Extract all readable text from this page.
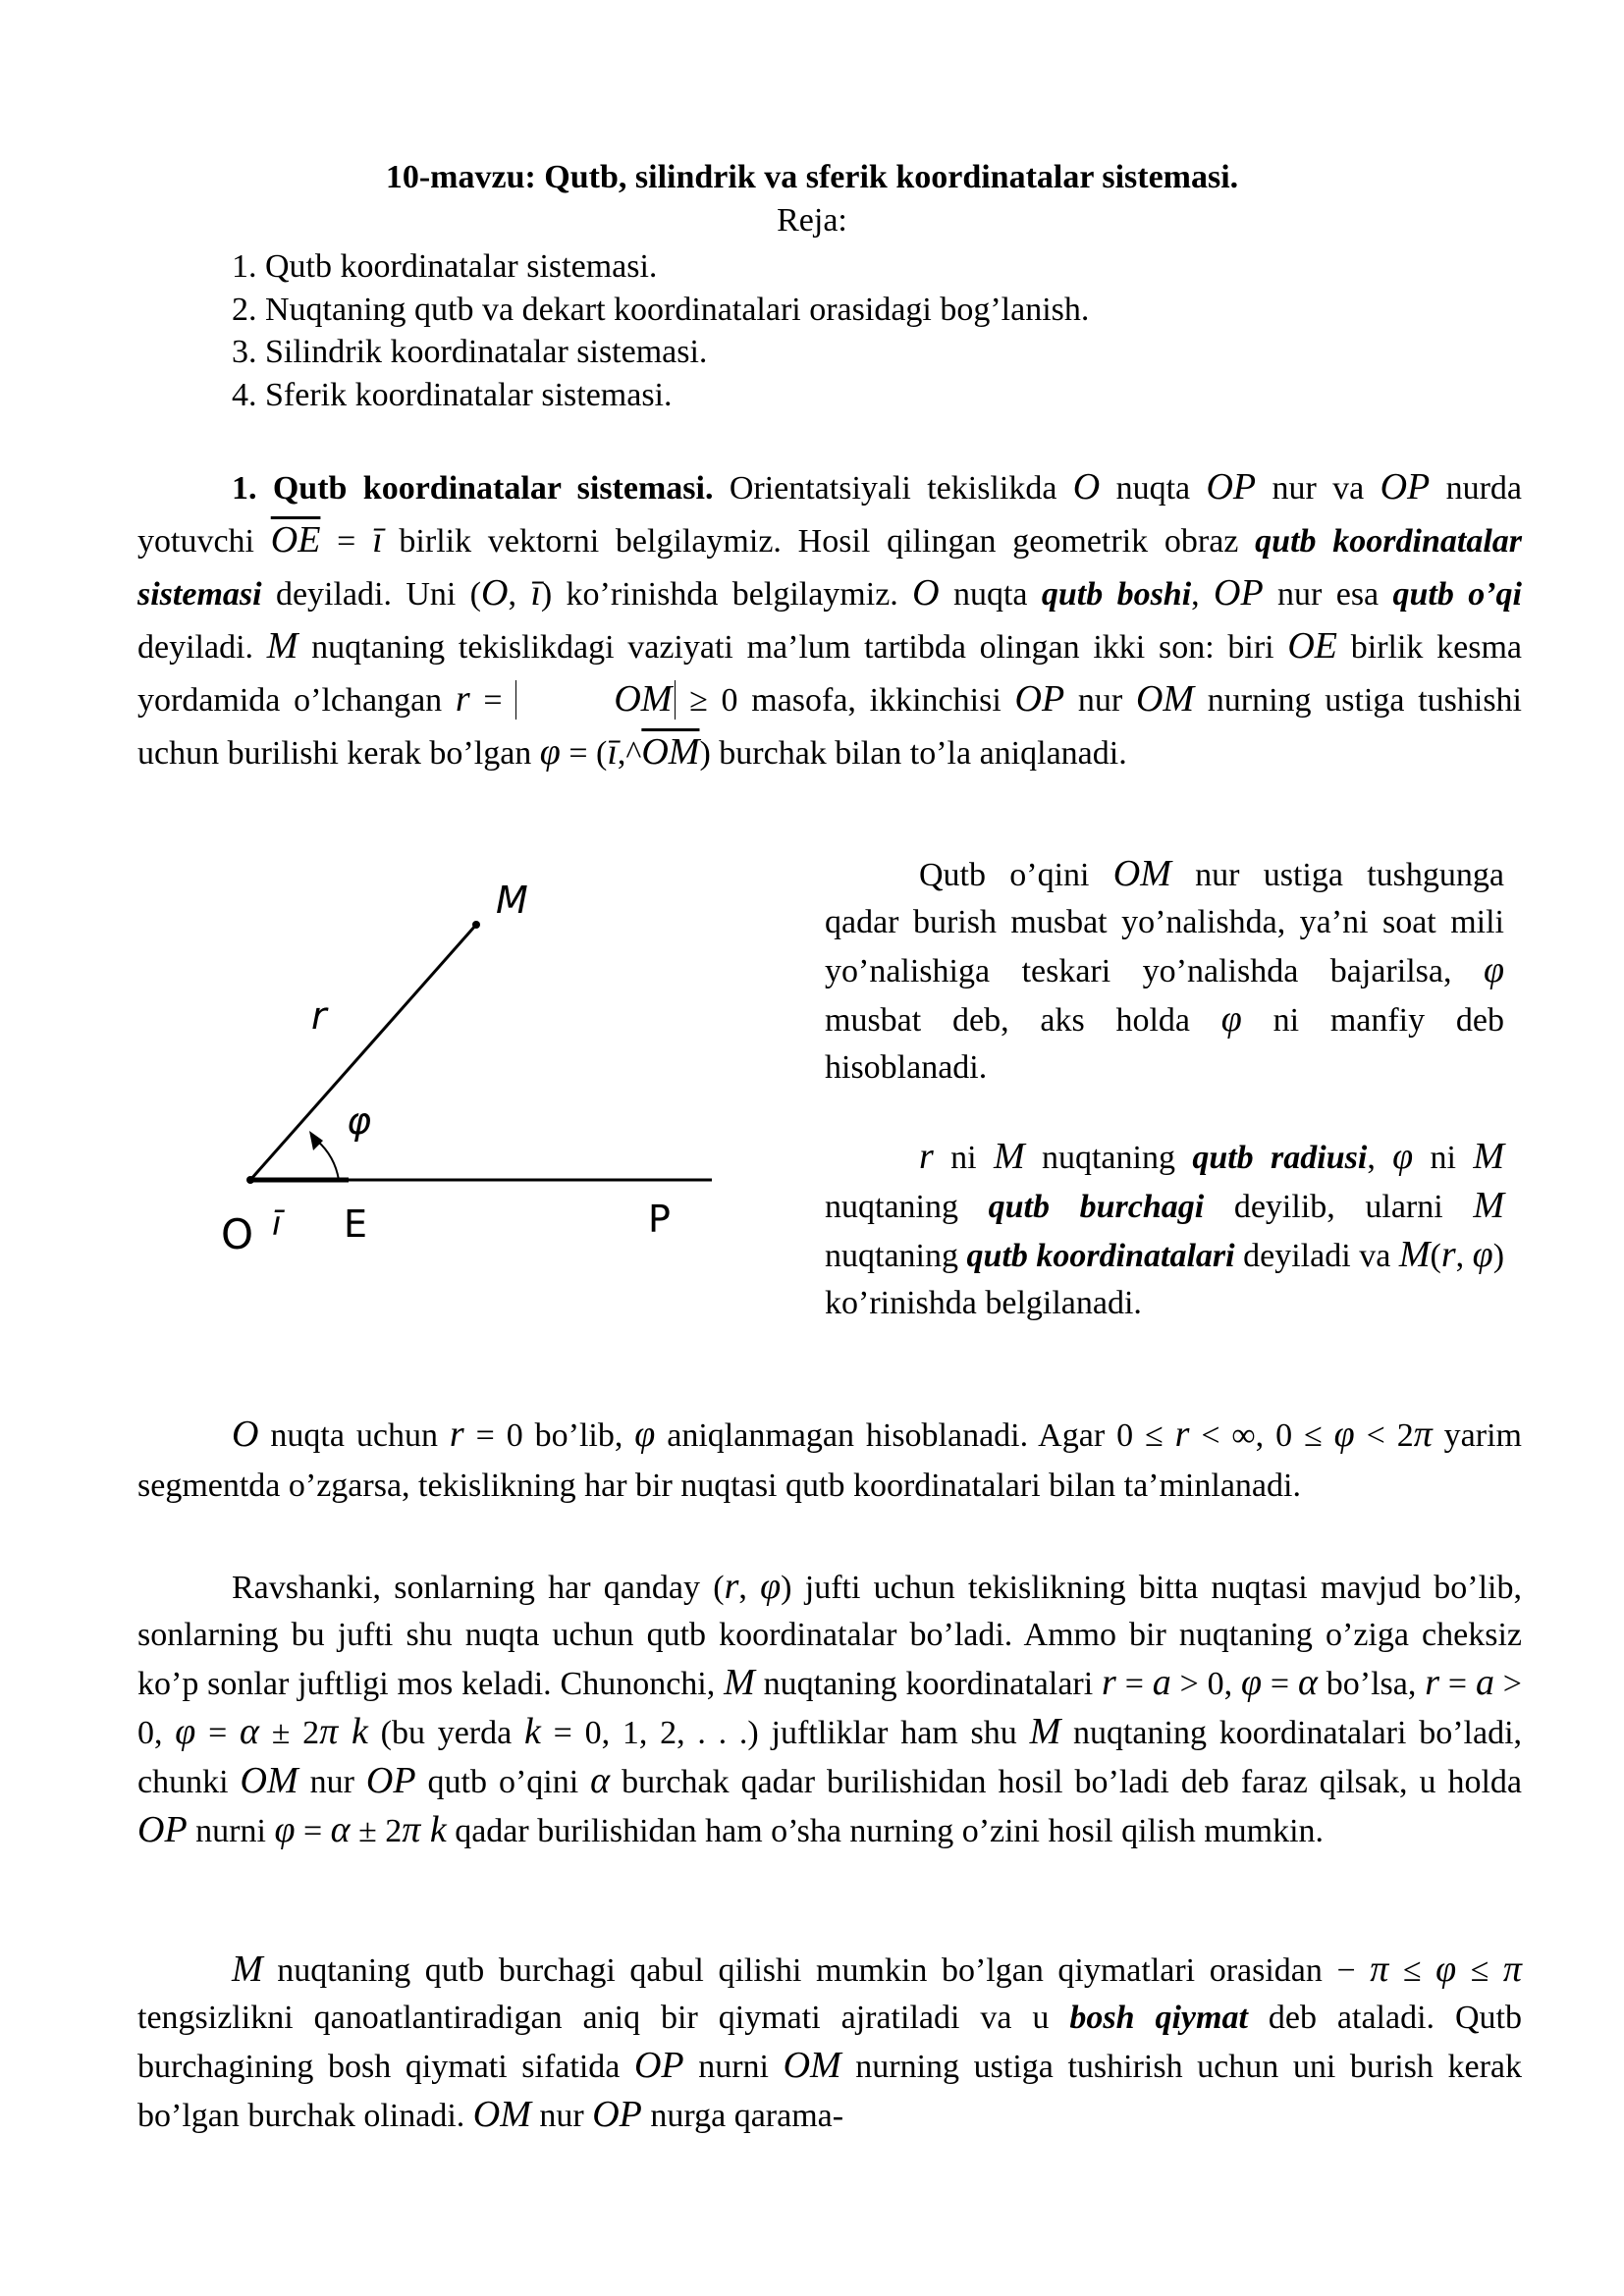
10-mavzu: Qutb, silindrik va sferik koordinatalar sistemasi.
Reja:
1. Qutb koordinatalar sistemasi.
2. Nuqtaning qutb va dekart koordinatalari orasidagi bog’lanish.
3. Silindrik koordinatalar sistemasi.
4. Sferik koordinatalar sistemasi.

1. Qutb koordinatalar sistemasi. Orientatsiyali tekislikda O nuqta OP nur va OP nurda yotuvchi $\overline{OE}$ = ī birlik vektorni belgilaymiz. Hosil qilingan geometrik obraz qutb koordinatalar sistemasi deyiladi. Uni (O, ī) ko’rinishda belgilaymiz. O nuqta qutb boshi, OP nur esa qutb o’qi deyiladi. M nuqtaning tekislikdagi vaziyati ma’lum tartibda olingan ikki son: biri OE birlik kesma yordamida o’lchangan r =	OM ≥ 0 masofa, ikkinchisi OP nur OM nurning ustiga tushishi uchun burilishi kerak bo’lgan $\varphi = (ī,\^{}\overline{OM})$ burchak bilan to’la aniqlanadi.

M
r
φ
O ī E	P

Qutb o’qini OM nur ustiga tushgunga qadar burish musbat yo’nalishda, ya’ni soat mili yo’nalishiga teskari yo’nalishda bajarilsa, φ musbat deb, aks holda φ ni manfiy deb hisoblanadi.

r ni M nuqtaning qutb radiusi, φ ni M nuqtaning qutb burchagi deyilib, ularni M nuqtaning qutb koordinatalari deyiladi va M(r, φ) ko’rinishda belgilanadi.

O nuqta uchun r = 0 bo’lib, φ aniqlanmagan hisoblanadi. Agar 0 ≤ r < ∞, 0 ≤ φ < 2π yarim segmentda o’zgarsa, tekislikning har bir nuqtasi qutb koordinatalari bilan ta’minlanadi.

Ravshanki, sonlarning har qanday (r, φ) jufti uchun tekislikning bitta nuqtasi mavjud bo’lib, sonlarning bu jufti shu nuqta uchun qutb koordinatalar bo’ladi. Ammo bir nuqtaning o’ziga cheksiz ko’p sonlar juftligi mos keladi. Chunonchi, M nuqtaning koordinatalari r = a > 0, φ = α bo’lsa, r = a > 0, φ = α ± 2π k (bu yerda k = 0, 1, 2, . . .) juftliklar ham shu M nuqtaning koordinatalari bo’ladi, chunki OM nur OP qutb o’qini α burchak qadar burilishidan hosil bo’ladi deb faraz qilsak, u holda OP nurni φ = α ± 2π k qadar burilishidan ham o’sha nurning o’zini hosil qilish mumkin.

M nuqtaning qutb burchagi qabul qilishi mumkin bo’lgan qiymatlari orasidan − π ≤ φ ≤ π tengsizlikni qanoatlantiradigan aniq bir qiymati ajratiladi va u bosh qiymat deb ataladi. Qutb burchagining bosh qiymati sifatida OP nurni OM nurning ustiga tushirish uchun uni burish kerak bo’lgan burchak olinadi. OM nur OP nurga qarama-
